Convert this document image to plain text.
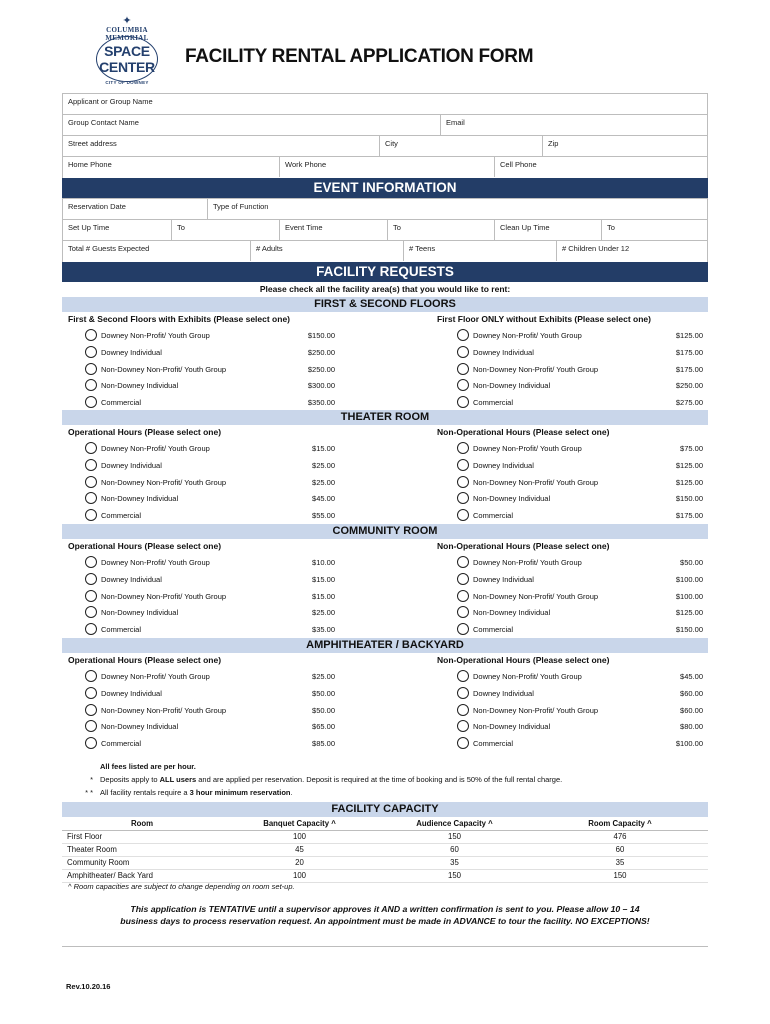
✦
COLUMBIA
MEMORIAL
SPACE
CENTER
CITY OF DOWNEY
FACILITY RENTAL APPLICATION FORM
Applicant or Group Name
Group Contact Name	Email
Street address	City	Zip
Home Phone	Work Phone	Cell Phone
EVENT INFORMATION
Reservation Date	Type of Function
Set Up Time	To	Event Time	To	Clean Up Time	To
Total # Guests Expected	# Adults	# Teens	# Children Under 12
FACILITY REQUESTS
Please check all the facility area(s) that you would like to rent:
FIRST & SECOND FLOORS
First & Second Floors with Exhibits (Please select one)	First Floor ONLY without Exhibits (Please select one)
Downey Non-Profit/ Youth Group	$150.00
Downey Individual	$250.00
Non-Downey Non-Profit/ Youth Group	$250.00
Non-Downey Individual	$300.00
Commercial	$350.00
Downey Non-Profit/ Youth Group	$125.00
Downey Individual	$175.00
Non-Downey Non-Profit/ Youth Group	$175.00
Non-Downey Individual	$250.00
Commercial	$275.00
THEATER ROOM
Operational Hours (Please select one)	Non-Operational Hours (Please select one)
Downey Non-Profit/ Youth Group	$15.00
Downey Individual	$25.00
Non-Downey Non-Profit/ Youth Group	$25.00
Non-Downey Individual	$45.00
Commercial	$55.00
Downey Non-Profit/ Youth Group	$75.00
Downey Individual	$125.00
Non-Downey Non-Profit/ Youth Group	$125.00
Non-Downey Individual	$150.00
Commercial	$175.00
COMMUNITY ROOM
Operational Hours (Please select one)	Non-Operational Hours (Please select one)
Downey Non-Profit/ Youth Group	$10.00
Downey Individual	$15.00
Non-Downey Non-Profit/ Youth Group	$15.00
Non-Downey Individual	$25.00
Commercial	$35.00
Downey Non-Profit/ Youth Group	$50.00
Downey Individual	$100.00
Non-Downey Non-Profit/ Youth Group	$100.00
Non-Downey Individual	$125.00
Commercial	$150.00
AMPHITHEATER / BACKYARD
Operational Hours (Please select one)	Non-Operational Hours (Please select one)
Downey Non-Profit/ Youth Group	$25.00
Downey Individual	$50.00
Non-Downey Non-Profit/ Youth Group	$50.00
Non-Downey Individual	$65.00
Commercial	$85.00
Downey Non-Profit/ Youth Group	$45.00
Downey Individual	$60.00
Non-Downey Non-Profit/ Youth Group	$60.00
Non-Downey Individual	$80.00
Commercial	$100.00
All fees listed are per hour.
* Deposits apply to ALL users and are applied per reservation. Deposit is required at the time of booking and is 50% of the full rental charge.
* * All facility rentals require a 3 hour minimum reservation.
FACILITY CAPACITY
Room	Banquet Capacity ^	Audience Capacity ^	Room Capacity ^
First Floor	100	150	476
Theater Room	45	60	60
Community Room	20	35	35
Amphitheater/ Back Yard	100	150	150
^ Room capacities are subject to change depending on room set-up.
This application is TENTATIVE until a supervisor approves it AND a written confirmation is sent to you. Please allow 10 – 14
business days to process reservation request. An appointment must be made in ADVANCE to tour the facility. NO EXCEPTIONS!
Rev.10.20.16
